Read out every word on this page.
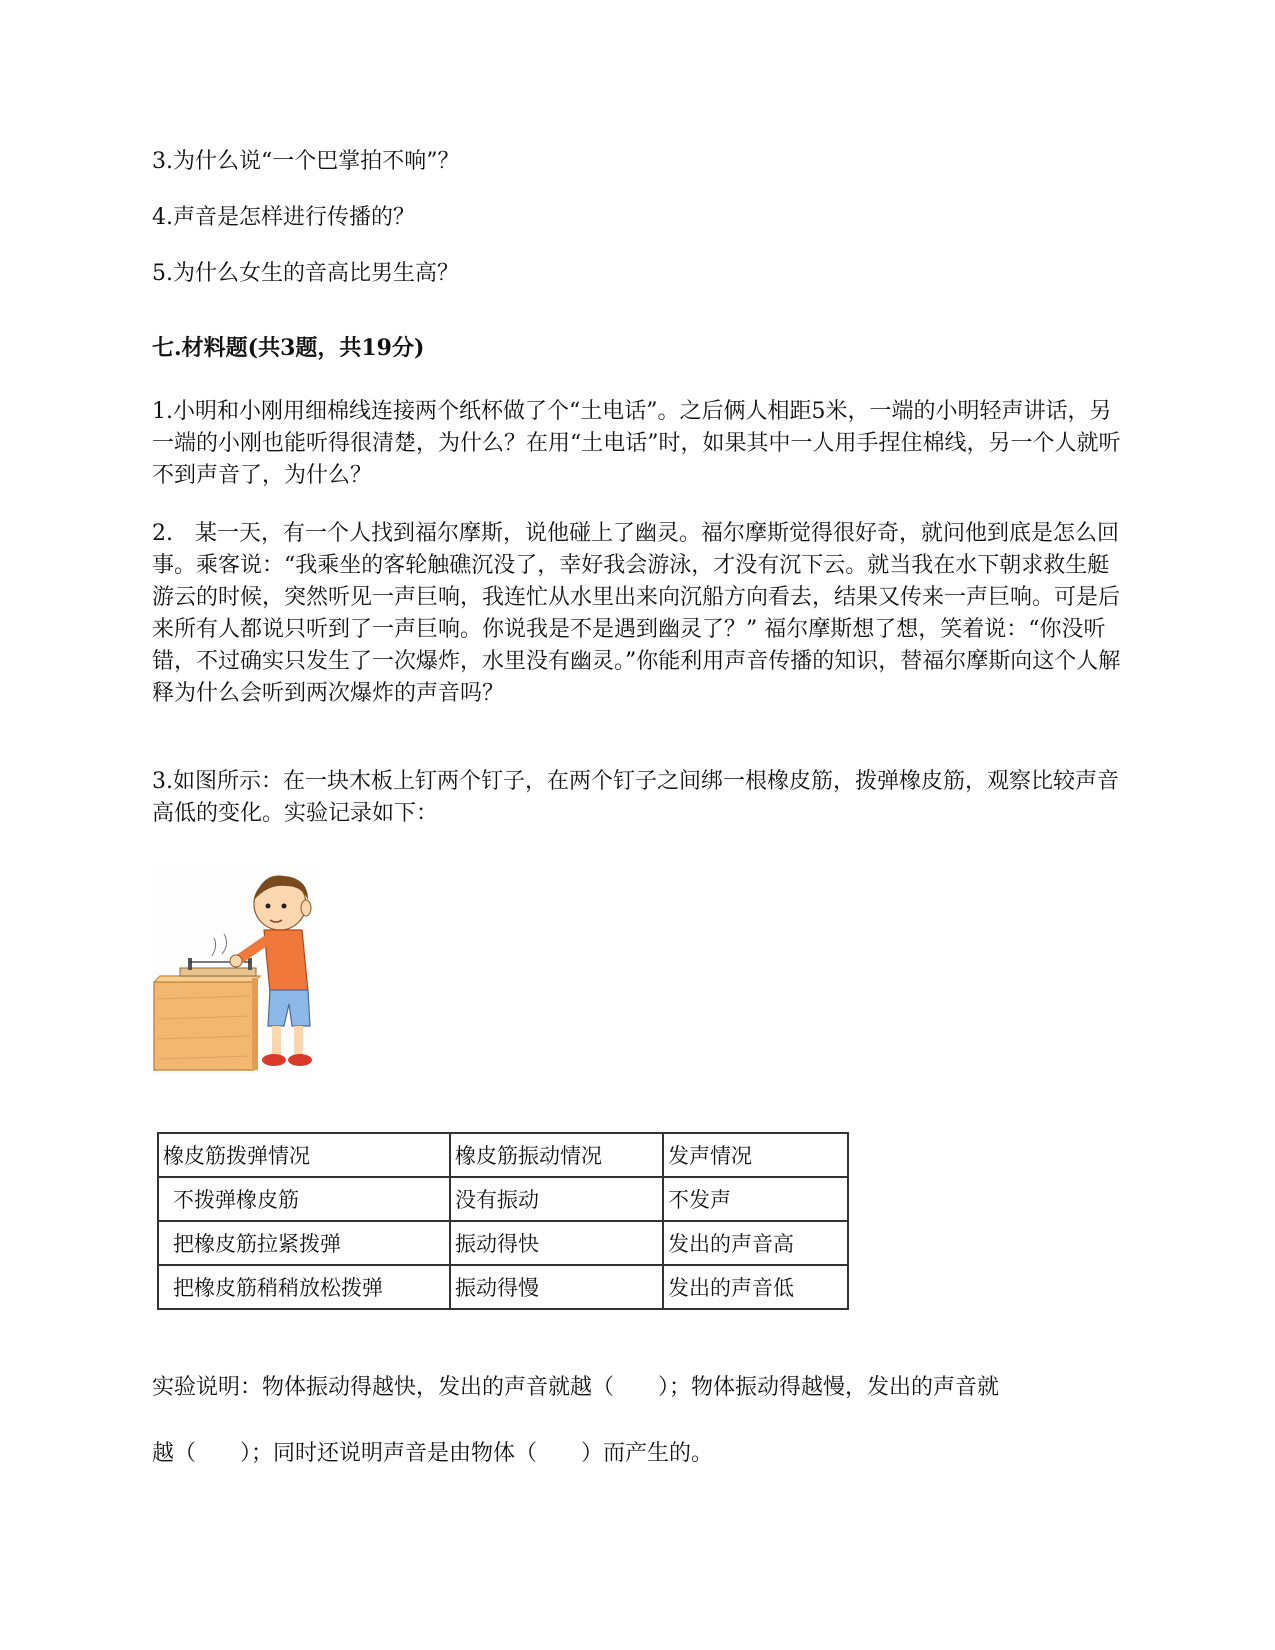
3.为什么说“一个巴掌拍不响”？

4.声音是怎样进行传播的？

5.为什么女生的音高比男生高？

七.材料题(共3题，共19分)

1.小明和小刚用细棉线连接两个纸杯做了个“土电话”。之后俩人相距5米，一端的小明轻声讲话，另一端的小刚也能听得很清楚，为什么？在用“土电话”时，如果其中一人用手捏住棉线，另一个人就听不到声音了，为什么？

2.　某一天，有一个人找到福尔摩斯，说他碰上了幽灵。福尔摩斯觉得很好奇，就问他到底是怎么回事。乘客说：“我乘坐的客轮触礁沉没了，幸好我会游泳，才没有沉下云。就当我在水下朝求救生艇游云的时候，突然听见一声巨响，我连忙从水里出来向沉船方向看去，结果又传来一声巨响。可是后来所有人都说只听到了一声巨响。你说我是不是遇到幽灵了？” 福尔摩斯想了想，笑着说：“你没听错，不过确实只发生了一次爆炸，水里没有幽灵。”你能利用声音传播的知识，替福尔摩斯向这个人解释为什么会听到两次爆炸的声音吗？

3.如图所示：在一块木板上钉两个钉子，在两个钉子之间绑一根橡皮筋，拨弹橡皮筋，观察比较声音高低的变化。实验记录如下：

橡皮筋拨弹情况	橡皮筋振动情况	发声情况
不拨弹橡皮筋	没有振动	不发声
把橡皮筋拉紧拨弹	振动得快	发出的声音高
把橡皮筋稍稍放松拨弹	振动得慢	发出的声音低

实验说明：物体振动得越快，发出的声音就越（　　）；物体振动得越慢，发出的声音就

越（　　）；同时还说明声音是由物体（　　）而产生的。
